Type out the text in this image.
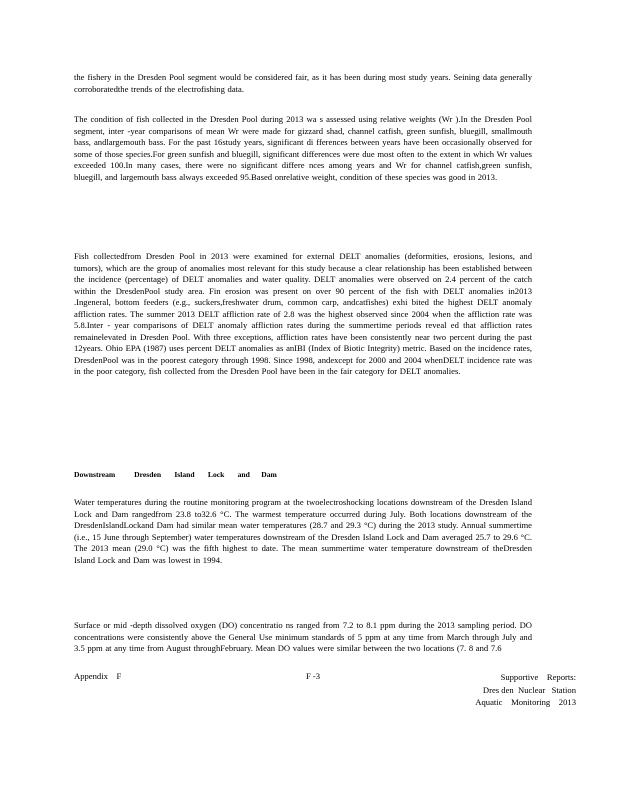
the fishery in the Dresden Pool segment would be considered fair, as it has been during most study years. Seining data generally corroboratedthe trends of the electrofishing data.

The condition of fish collected in the Dresden Pool during 2013 wa s assessed using relative weights (Wr ).In the Dresden Pool segment, inter -year comparisons of mean Wr were made for gizzard shad, channel catfish, green sunfish, bluegill, smallmouth bass, andlargemouth bass. For the past 16study years, significant di fferences between years have been occasionally observed for some of those species.For green sunfish and bluegill, significant differences were due most often to the extent in which Wr values exceeded 100.In many cases, there were no significant differe nces among years and Wr for channel catfish,green sunfish, bluegill, and largemouth bass always exceeded 95.Based onrelative weight, condition of these species was good in 2013.

Fish collectedfrom Dresden Pool in 2013 were examined for external DELT anomalies (deformities, erosions, lesions, and tumors), which are the group of anomalies most relevant for this study because a clear relationship has been established between the incidence (percentage) of DELT anomalies and water quality. DELT anomalies were observed on 2.4 percent of the catch within the DresdenPool study area. Fin erosion was present on over 90 percent of the fish with DELT anomalies in2013 .Ingeneral, bottom feeders (e.g., suckers,freshwater drum, common carp, andcatfishes) exhi bited the highest DELT anomaly affliction rates. The summer 2013 DELT affliction rate of 2.8 was the highest observed since 2004 when the affliction rate was 5.8.Inter - year comparisons of DELT anomaly affliction rates during the summertime periods reveal ed that affliction rates remainelevated in Dresden Pool. With three exceptions, affliction rates have been consistently near two percent during the past 12years. Ohio EPA (1987) uses percent DELT anomalies as anIBI (Index of Biotic Integrity) metric. Based on the incidence rates, DresdenPool was in the poorest category through 1998. Since 1998, andexcept for 2000 and 2004 whenDELT incidence rate was in the poor category, fish collected from the Dresden Pool have been in the fair category for DELT anomalies.

Downstream          Dresden       Island       Lock       and      Dam

Water temperatures during the routine monitoring program at the twoelectroshocking locations downstream of the Dresden Island Lock and Dam rangedfrom 23.8 to32.6 °C. The warmest temperature occurred during July. Both locations downstream of the DresdenIslandLockand Dam had similar mean water temperatures (28.7 and 29.3 °C) during the 2013 study. Annual summertime (i.e., 15 June through September) water temperatures downstream of the Dresden Island Lock and Dam averaged 25.7 to 29.6 °C. The 2013 mean (29.0 °C) was the fifth highest to date. The mean summertime water temperature downstream of theDresden Island Lock and Dam was lowest in 1994.

Surface or mid -depth dissolved oxygen (DO) concentratio ns ranged from 7.2 to 8.1 ppm during the 2013 sampling period. DO concentrations were consistently above the General Use minimum standards of 5 ppm at any time from March through July and 3.5 ppm at any time from August throughFebruary. Mean DO values were similar between the two locations (7. 8 and 7.6

Appendix    F	F -3	Supportive    Reports:
Dres den  Nuclear   Station
Aquatic    Monitoring    2013
